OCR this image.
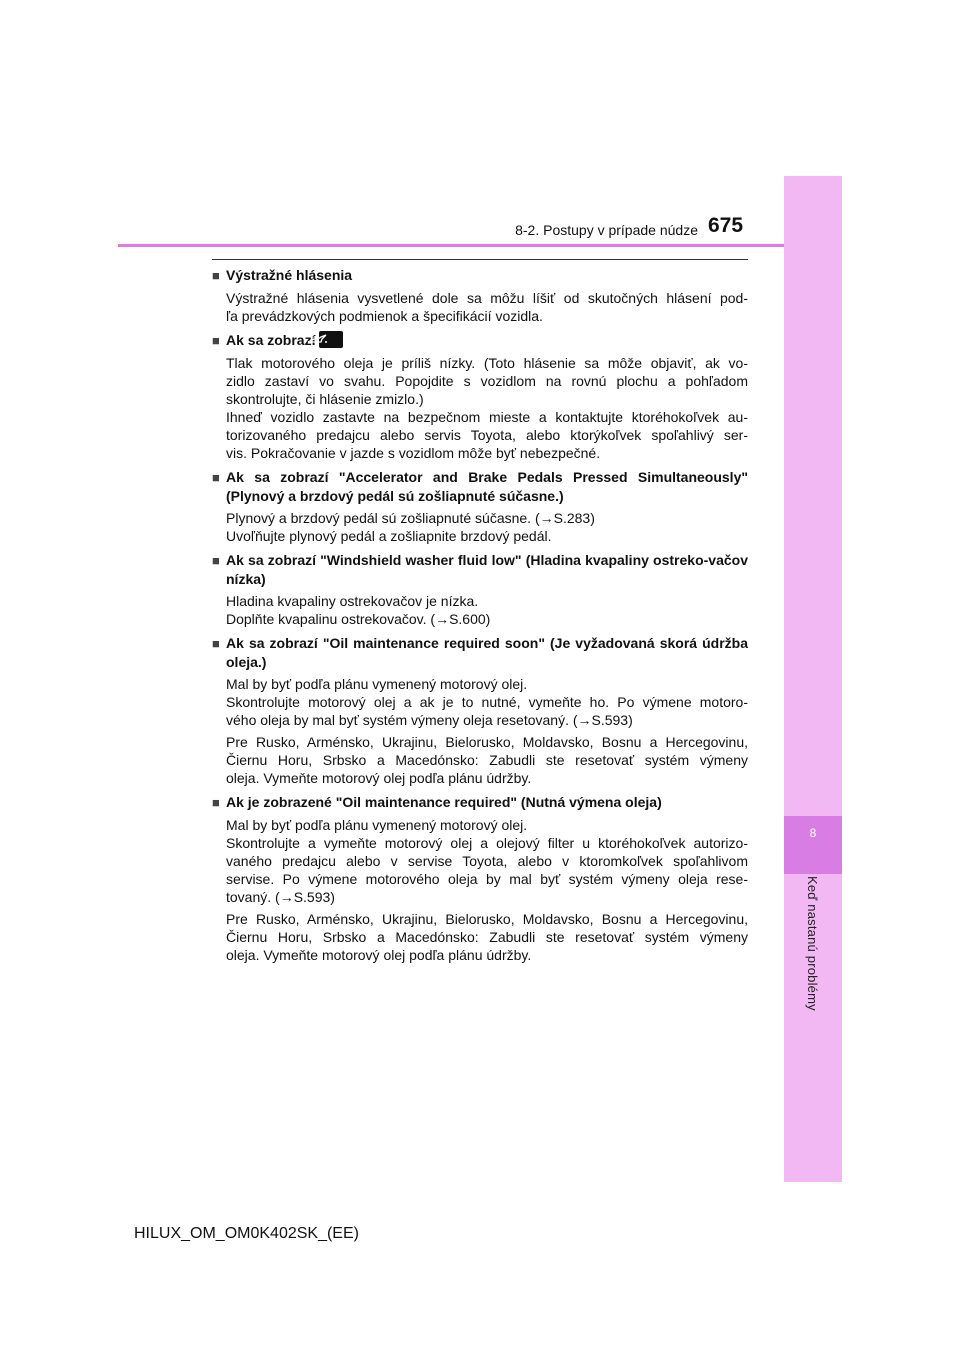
8
Keď nastanú problémy
8-2. Postupy v prípade núdze 675
■ Výstražné hlásenia
Výstražné hlásenia vysvetlené dole sa môžu líšiť od skutočných hlásení pod-
ľa prevádzkových podmienok a špecifikácií vozidla.
■ Ak sa zobrazí
Tlak motorového oleja je príliš nízky. (Toto hlásenie sa môže objaviť, ak vo-
zidlo zastaví vo svahu. Popojdite s vozidlom na rovnú plochu a pohľadom
skontrolujte, či hlásenie zmizlo.)
Ihneď vozidlo zastavte na bezpečnom mieste a kontaktujte ktoréhokoľvek au-
torizovaného predajcu alebo servis Toyota, alebo ktorýkoľvek spoľahlivý ser-
vis. Pokračovanie v jazde s vozidlom môže byť nebezpečné.
■ Ak sa zobrazí "Accelerator and Brake Pedals Pressed Simultaneously" (Plynový a brzdový pedál sú zošliapnuté súčasne.)
Plynový a brzdový pedál sú zošliapnuté súčasne. (→S.283)
Uvoľňujte plynový pedál a zošliapnite brzdový pedál.
■ Ak sa zobrazí "Windshield washer fluid low" (Hladina kvapaliny ostreko-vačov nízka)
Hladina kvapaliny ostrekovačov je nízka.
Doplňte kvapalinu ostrekovačov. (→S.600)
■ Ak sa zobrazí "Oil maintenance required soon" (Je vyžadovaná skorá údržba oleja.)
Mal by byť podľa plánu vymenený motorový olej.
Skontrolujte motorový olej a ak je to nutné, vymeňte ho. Po výmene motoro-
vého oleja by mal byť systém výmeny oleja resetovaný. (→S.593)
Pre Rusko, Arménsko, Ukrajinu, Bielorusko, Moldavsko, Bosnu a Hercegovinu,
Čiernu Horu, Srbsko a Macedónsko: Zabudli ste resetovať systém výmeny
oleja. Vymeňte motorový olej podľa plánu údržby.
■ Ak je zobrazené "Oil maintenance required" (Nutná výmena oleja)
Mal by byť podľa plánu vymenený motorový olej.
Skontrolujte a vymeňte motorový olej a olejový filter u ktoréhokoľvek autorizo-
vaného predajcu alebo v servise Toyota, alebo v ktoromkoľvek spoľahlivom
servise. Po výmene motorového oleja by mal byť systém výmeny oleja rese-
tovaný. (→S.593)
Pre Rusko, Arménsko, Ukrajinu, Bielorusko, Moldavsko, Bosnu a Hercegovinu,
Čiernu Horu, Srbsko a Macedónsko: Zabudli ste resetovať systém výmeny
oleja. Vymeňte motorový olej podľa plánu údržby.
HILUX_OM_OM0K402SK_(EE)
